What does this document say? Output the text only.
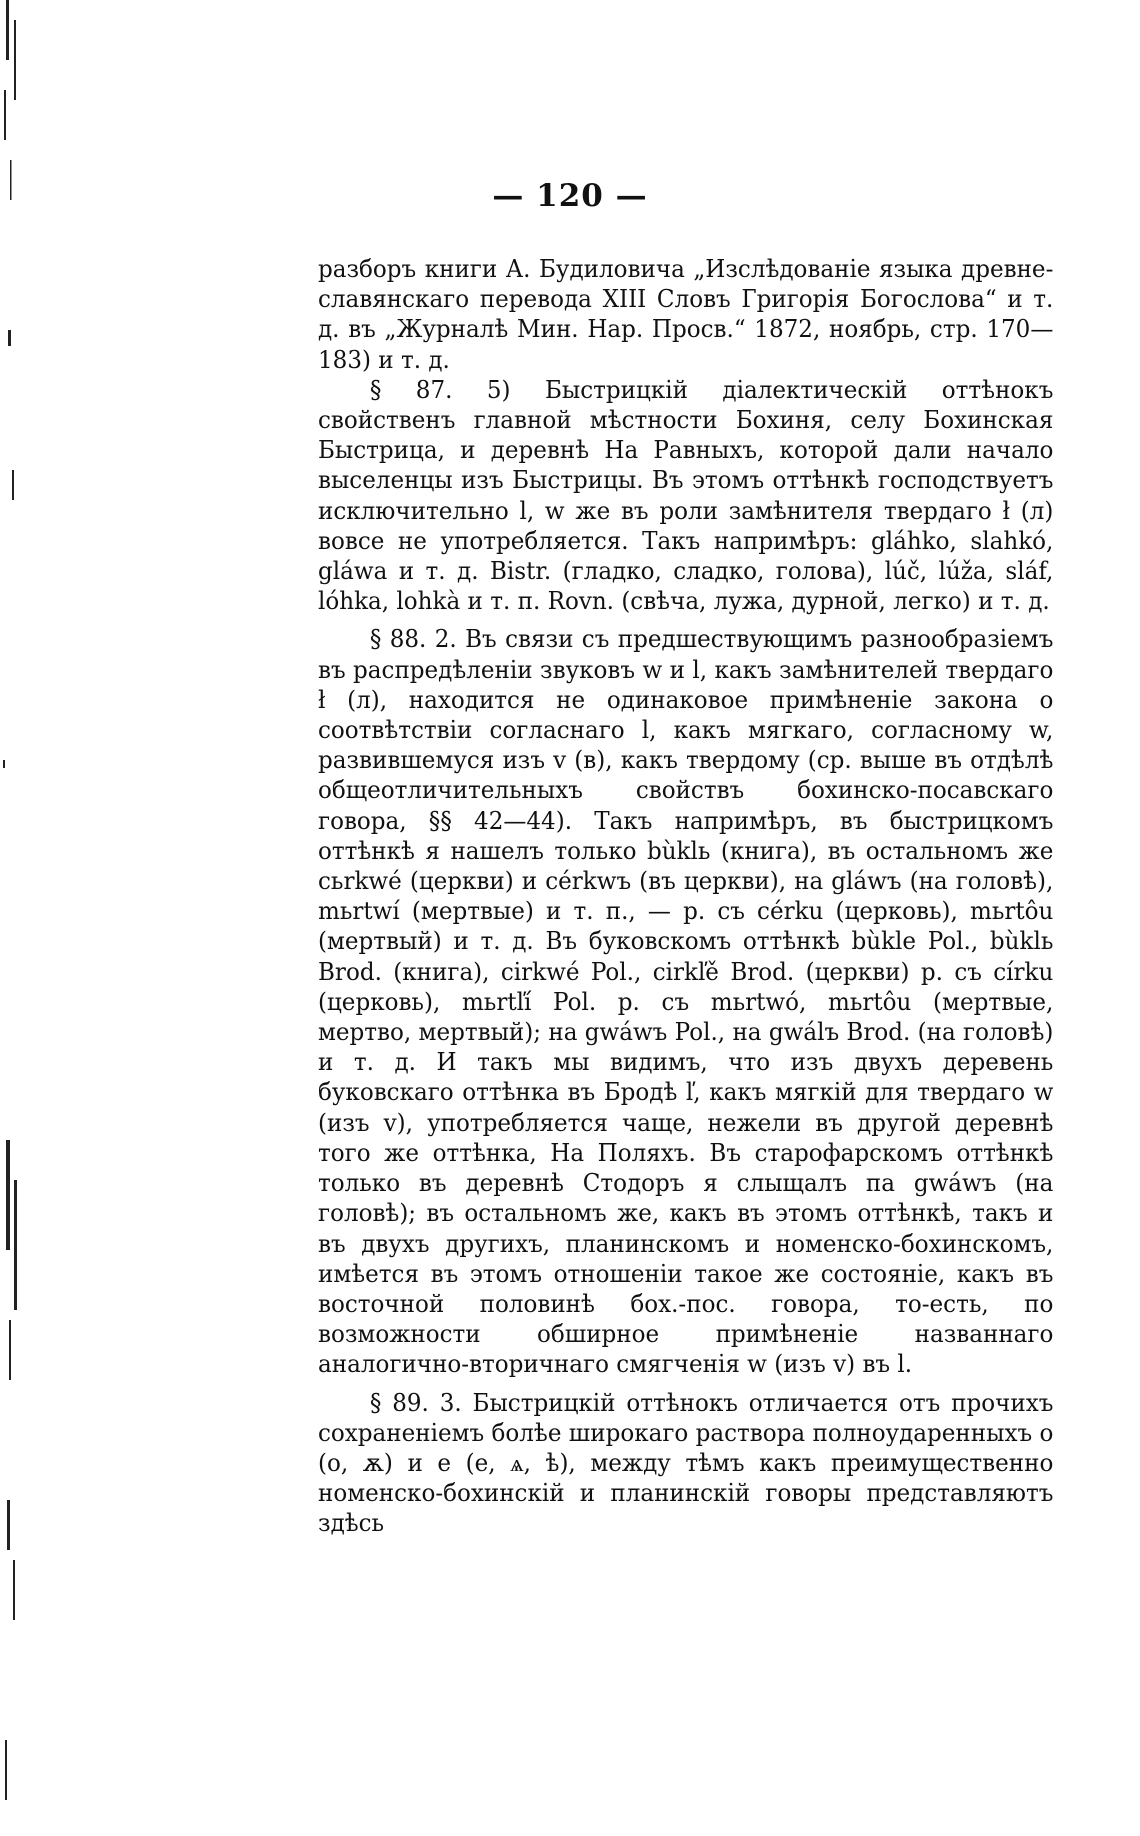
— 120 —

разборъ книги А. Будиловича „Изслѣдованіе языка древне-славянскаго перевода XIII Словъ Григорія Богослова“ и т. д. въ „Журналѣ Мин. Нар. Просв.“ 1872, ноябрь, стр. 170—183) и т. д.

§ 87. 5) Быстрицкій діалектическій оттѣнокъ свойственъ главной мѣстности Бохиня, селу Бохинская Быстрица, и деревнѣ На Равныхъ, которой дали начало выселенцы изъ Быстрицы. Въ этомъ оттѣнкѣ господствуетъ исключительно l, w же въ роли замѣнителя твердаго ł (л) вовсе не употребляется. Такъ напримѣръ: gláhko, slahkó, gláwa и т. д. Bistr. (гладко, сладко, голова), lúč, lúža, sláf, lóhka, lohkà и т. п. Rovn. (свѣча, лужа, дурной, легко) и т. д.

§ 88. 2. Въ связи съ предшествующимъ разнообразіемъ въ распредѣленіи звуковъ w и l, какъ замѣнителей твердаго ł (л), находится не одинаковое примѣненіе закона о соотвѣтствіи согласнаго l, какъ мягкаго, согласному w, развившемуся изъ v (в), какъ твердому (ср. выше въ отдѣлѣ общеотличительныхъ свойствъ бохинско-посавскаго говора, §§ 42—44). Такъ напримѣръ, въ быстрицкомъ оттѣнкѣ я нашелъ только bùklь (книга), въ остальномъ же сьrkwé (церкви) и cérkwъ (въ церкви), на gláwъ (на головѣ), mьrtwí (мертвые) и т. п., — р. съ cérku (церковь), mьrtо̂u (мертвый) и т. д. Въ буковскомъ оттѣнкѣ bùkle Pol., bùklь Brod. (книга), cirkwé Pol., cirkľě Brod. (церкви) р. съ círku (церковь), mьrtľí Pol. р. съ mьrtwó, mьrtо̂u (мертвые, мертво, мертвый); на gwáwъ Pol., на gwálъ Brod. (на головѣ) и т. д. И такъ мы видимъ, что изъ двухъ деревень буковскаго оттѣнка въ Бродѣ ľ, какъ мягкій для твердаго w (изъ v), употребляется чаще, нежели въ другой деревнѣ того же оттѣнка, На Поляхъ. Въ старофарскомъ оттѣнкѣ только въ деревнѣ Стодоръ я слыщалъ па gwáwъ (на головѣ); въ остальномъ же, какъ въ этомъ оттѣнкѣ, такъ и въ двухъ другихъ, планинскомъ и номенско-бохинскомъ, имѣется въ этомъ отношеніи такое же состояніе, какъ въ восточной половинѣ бох.-пос. говора, то-есть, по возможности обширное примѣненіе названнаго аналогично-вторичнаго смягченія w (изъ v) въ l.

§ 89. 3. Быстрицкій оттѣнокъ отличается отъ прочихъ сохраненіемъ болѣе широкаго раствора полноударенныхъ о (о, ѫ) и е (е, ѧ, ѣ), между тѣмъ какъ преимущественно номенско-бохинскій и планинскій говоры представляютъ здѣсь
